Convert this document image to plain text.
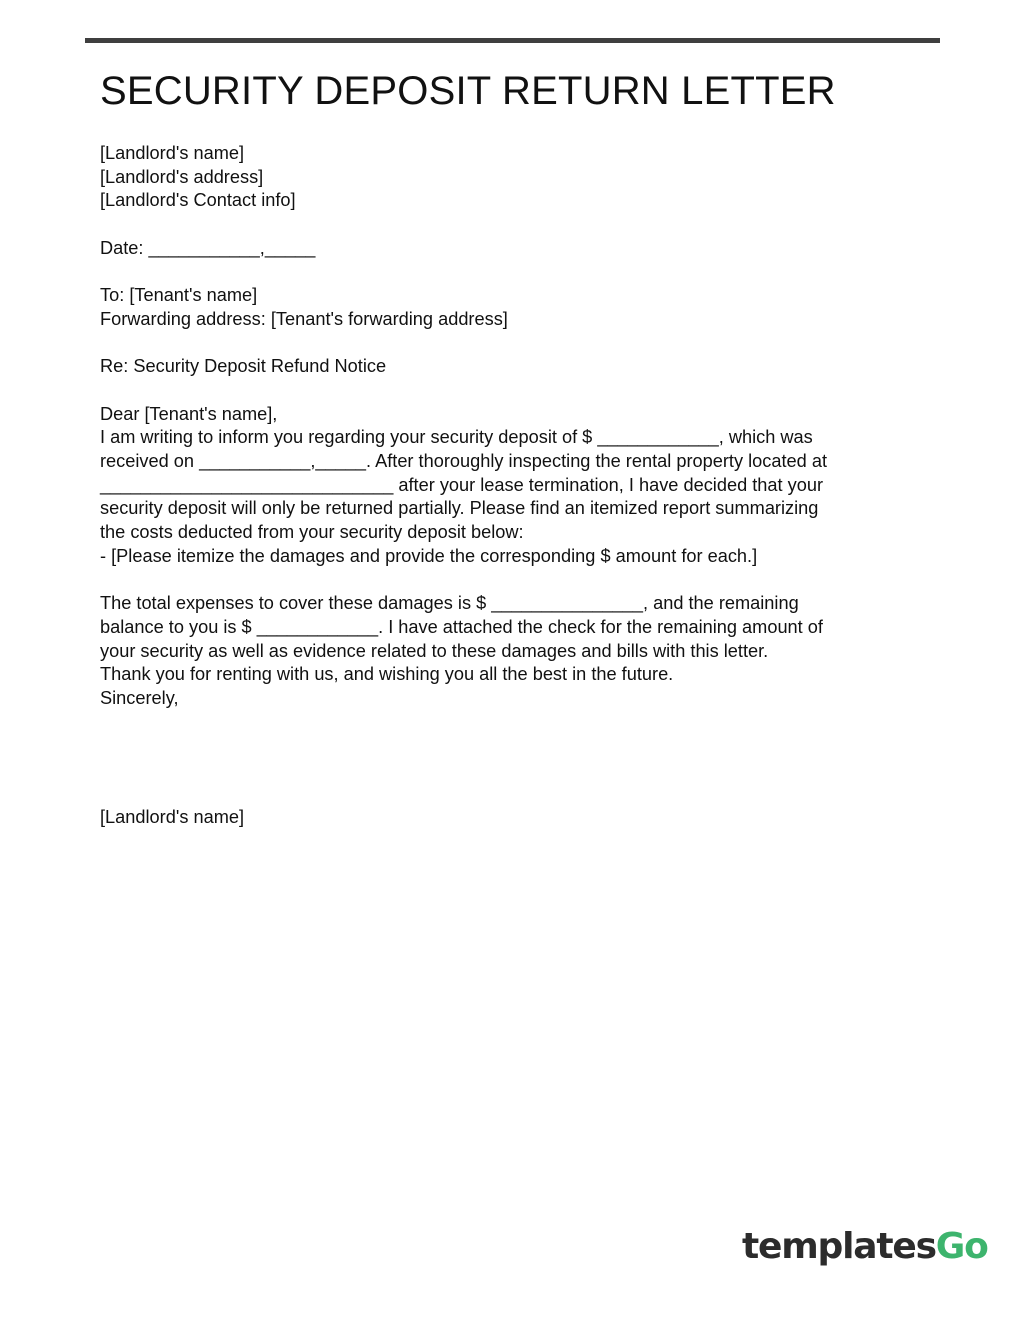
SECURITY DEPOSIT RETURN LETTER
[Landlord's name]
[Landlord's address]
[Landlord's Contact info]
Date: ___________,_____
To: [Tenant's name]
Forwarding address: [Tenant's forwarding address]
Re: Security Deposit Refund Notice
Dear [Tenant's name],
I am writing to inform you regarding your security deposit of $ ____________, which was
received on ___________,_____. After thoroughly inspecting the rental property located at
_____________________________ after your lease termination, I have decided that your
security deposit will only be returned partially. Please find an itemized report summarizing
the costs deducted from your security deposit below:
- [Please itemize the damages and provide the corresponding $ amount for each.]
The total expenses to cover these damages is $ _______________, and the remaining
balance to you is $ ____________. I have attached the check for the remaining amount of
your security as well as evidence related to these damages and bills with this letter.
Thank you for renting with us, and wishing you all the best in the future.
Sincerely,
[Landlord's name]
templatesGo
